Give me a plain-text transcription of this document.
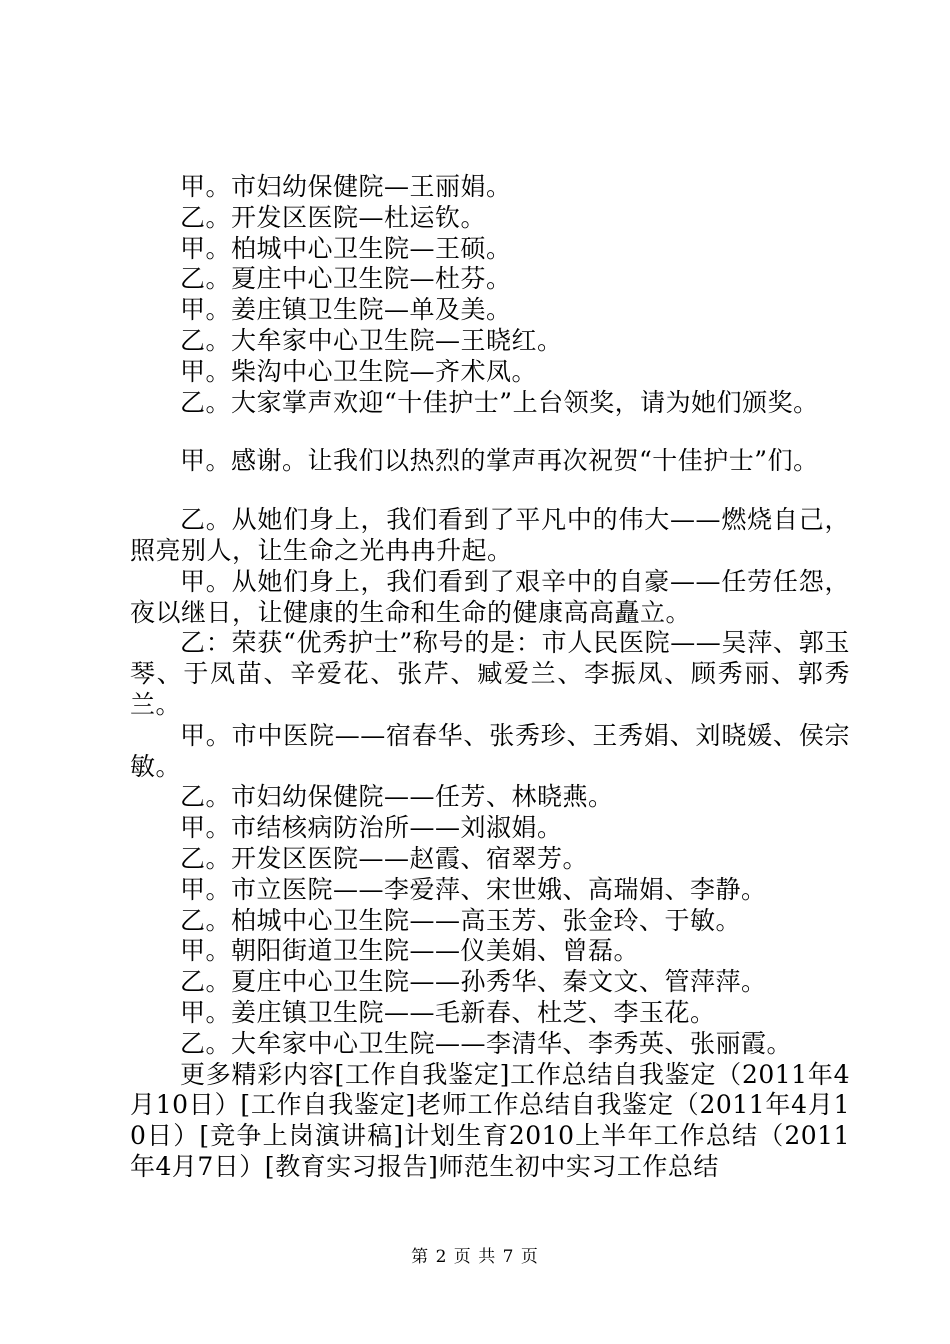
甲。市妇幼保健院—王丽娟。

乙。开发区医院—杜运钦。

甲。柏城中心卫生院—王硕。

乙。夏庄中心卫生院—杜芬。

甲。姜庄镇卫生院—单及美。

乙。大牟家中心卫生院—王晓红。

甲。柴沟中心卫生院—齐术凤。

乙。大家掌声欢迎“十佳护士”上台领奖，请为她们颁奖。

甲。感谢。让我们以热烈的掌声再次祝贺“十佳护士”们。

乙。从她们身上，我们看到了平凡中的伟大——燃烧自己，照亮别人，让生命之光冉冉升起。

甲。从她们身上，我们看到了艰辛中的自豪——任劳任怨，夜以继日，让健康的生命和生命的健康高高矗立。

乙：荣获“优秀护士”称号的是：市人民医院——吴萍、郭玉琴、于凤苗、辛爱花、张芹、臧爱兰、李振凤、顾秀丽、郭秀兰。

甲。市中医院——宿春华、张秀珍、王秀娟、刘晓媛、侯宗敏。

乙。市妇幼保健院——任芳、林晓燕。

甲。市结核病防治所——刘淑娟。

乙。开发区医院——赵霞、宿翠芳。

甲。市立医院——李爱萍、宋世娥、高瑞娟、李静。

乙。柏城中心卫生院——高玉芳、张金玲、于敏。

甲。朝阳街道卫生院——仪美娟、曾磊。

乙。夏庄中心卫生院——孙秀华、秦文文、管萍萍。

甲。姜庄镇卫生院——毛新春、杜芝、李玉花。

乙。大牟家中心卫生院——李清华、李秀英、张丽霞。

更多精彩内容[工作自我鉴定]工作总结自我鉴定（2011年4月10日）[工作自我鉴定]老师工作总结自我鉴定（2011年4月10日）[竞争上岗演讲稿]计划生育2010上半年工作总结（2011年4月7日）[教育实习报告]师范生初中实习工作总结

第 2 页 共 7 页
